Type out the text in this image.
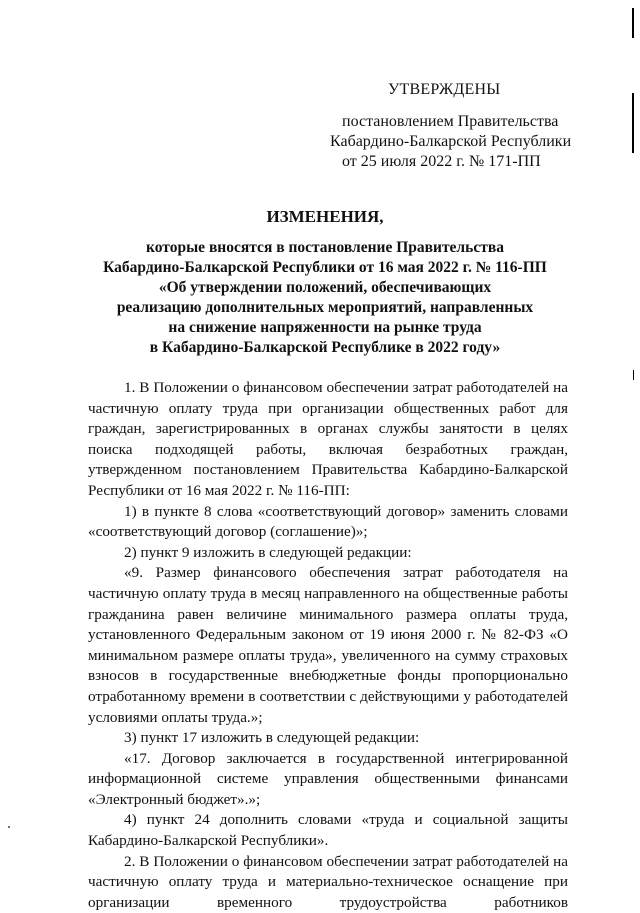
УТВЕРЖДЕНЫ
постановлением Правительства
Кабардино-Балкарской Республики
от 25 июля 2022 г. № 171-ПП
ИЗМЕНЕНИЯ,
которые вносятся в постановление Правительства
Кабардино-Балкарской Республики от 16 мая 2022 г. № 116-ПП
«Об утверждении положений, обеспечивающих
реализацию дополнительных мероприятий, направленных
на снижение напряженности на рынке труда
в Кабардино-Балкарской Республике в 2022 году»

1. В Положении о финансовом обеспечении затрат работодателей на частичную оплату труда при организации общественных работ для граждан, зарегистрированных в органах службы занятости в целях поиска подходящей работы, включая безработных граждан, утвержденном постановлением Правительства Кабардино-Балкарской Республики от 16 мая 2022 г. № 116-ПП:

1) в пункте 8 слова «соответствующий договор» заменить словами «соответствующий договор (соглашение)»;

2) пункт 9 изложить в следующей редакции:

«9. Размер финансового обеспечения затрат работодателя на частичную оплату труда в месяц направленного на общественные работы гражданина равен величине минимального размера оплаты труда, установленного Федеральным законом от 19 июня 2000 г. № 82-ФЗ «О минимальном размере оплаты труда», увеличенного на сумму страховых взносов в государственные внебюджетные фонды пропорционально отработанному времени в соответствии с действующими у работодателей условиями оплаты труда.»;

3) пункт 17 изложить в следующей редакции:

«17. Договор заключается в государственной интегрированной информационной системе управления общественными финансами «Электронный бюджет».»;

4) пункт 24 дополнить словами «труда и социальной защиты Кабардино-Балкарской Республики».

2. В Положении о финансовом обеспечении затрат работодателей на частичную оплату труда и материально-техническое оснащение при организации временного трудоустройства работников
